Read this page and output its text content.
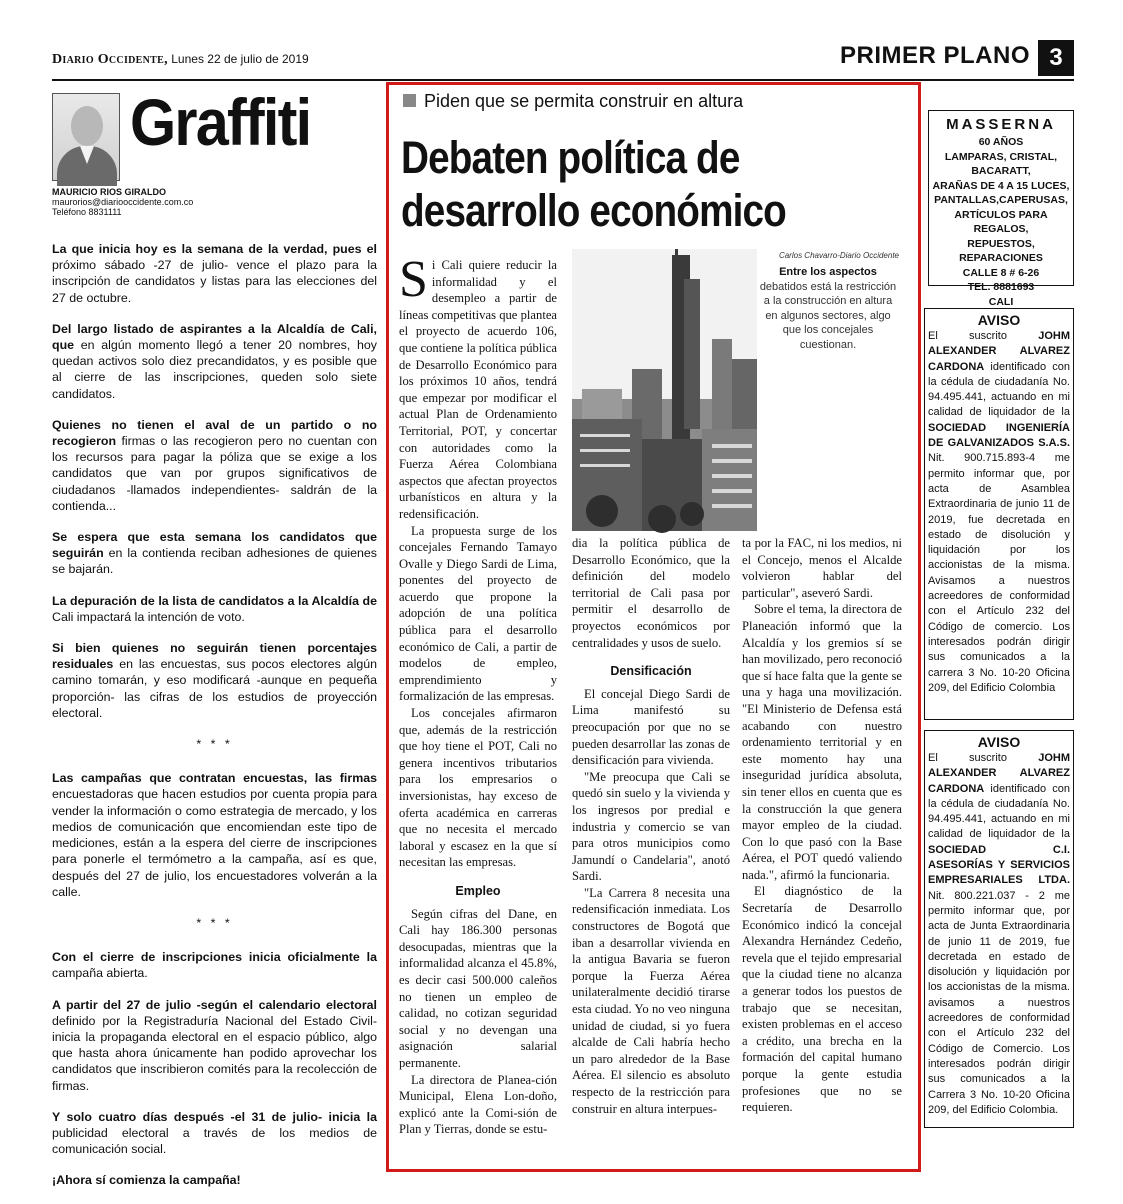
Diario Occidente, Lunes 22 de julio de 2019	PRIMER PLANO 3
Graffiti
MAURICIO RIOS GIRALDO
maurorios@diariooccidente.com.co
Teléfono 8831111

La que inicia hoy es la semana de la verdad, pues el próximo sábado -27 de julio- vence el plazo para la inscripción de candidatos y listas para las elecciones del 27 de octubre.

Del largo listado de aspirantes a la Alcaldía de Cali, que en algún momento llegó a tener 20 nombres, hoy quedan activos solo diez precandidatos, y es posible que al cierre de las inscripciones, queden solo siete candidatos.

Quienes no tienen el aval de un partido o no recogieron firmas o las recogieron pero no cuentan con los recursos para pagar la póliza que se exige a los candidatos que van por grupos significativos de ciudadanos -llamados independientes- saldrán de la contienda...

Se espera que esta semana los candidatos que seguirán en la contienda reciban adhesiones de quienes se bajarán.

La depuración de la lista de candidatos a la Alcaldía de Cali impactará la intención de voto.

Si bien quienes no seguirán tienen porcentajes residuales en las encuestas, sus pocos electores algún camino tomarán, y eso modificará -aunque en pequeña proporción- las cifras de los estudios de proyección electoral.

* * *

Las campañas que contratan encuestas, las firmas encuestadoras que hacen estudios por cuenta propia para vender la información o como estrategia de mercado, y los medios de comunicación que encomiendan este tipo de mediciones, están a la espera del cierre de inscripciones para ponerle el termómetro a la campaña, así es que, después del 27 de julio, los encuestadores volverán a la calle.

* * *

Con el cierre de inscripciones inicia oficialmente la campaña abierta.

A partir del 27 de julio -según el calendario electoral definido por la Registraduría Nacional del Estado Civil- inicia la propaganda electoral en el espacio público, algo que hasta ahora únicamente han podido aprovechar los candidatos que inscribieron comités para la recolección de firmas.

Y solo cuatro días después -el 31 de julio- inicia la publicidad electoral a través de los medios de comunicación social.

¡Ahora sí comienza la campaña!

Piden que se permita construir en altura
Debaten política de
desarrollo económico

Si Cali quiere reducir la informalidad y el desempleo a partir de líneas competitivas que plantea el proyecto de acuerdo 106, que contiene la política pública de Desarrollo Económico para los próximos 10 años, tendrá que empezar por modificar el actual Plan de Ordenamiento Territorial, POT, y concertar con autoridades como la Fuerza Aérea Colombiana aspectos que afectan proyectos urbanísticos en altura y la redensificación.

La propuesta surge de los concejales Fernando Tamayo Ovalle y Diego Sardi de Lima, ponentes del proyecto de acuerdo que propone la adopción de una política pública para el desarrollo económico de Cali, a partir de modelos de empleo, emprendimiento y formalización de las empresas.

Los concejales afirmaron que, además de la restricción que hoy tiene el POT, Cali no genera incentivos tributarios para los empresarios o inversionistas, hay exceso de oferta académica en carreras que no necesita el mercado laboral y escasez en la que sí necesitan las empresas.

Empleo

Según cifras del Dane, en Cali hay 186.300 personas desocupadas, mientras que la informalidad alcanza el 45.8%, es decir casi 500.000 caleños no tienen un empleo de calidad, no cotizan seguridad social y no devengan una asignación salarial permanente.

La directora de Planea-ción Municipal, Elena Lon-doño, explicó ante la Comi-sión de Plan y Tierras, donde se estu-

Carlos Chavarro-Diario Occidente
Entre los aspectos debatidos está la restricción a la construcción en altura en algunos sectores, algo que los concejales cuestionan.

dia la política pública de Desarrollo Económico, que la definición del modelo territorial de Cali pasa por permitir el desarrollo de proyectos económicos por centralidades y usos de suelo.

Densificación

El concejal Diego Sardi de Lima manifestó su preocupación por que no se pueden desarrollar las zonas de densificación para vivienda.

"Me preocupa que Cali se quedó sin suelo y la vivienda y los ingresos por predial e industria y comercio se van para otros municipios como Jamundí o Candelaria", anotó Sardi.

"La Carrera 8 necesita una redensificación inmediata. Los constructores de Bogotá que iban a desarrollar vivienda en la antigua Bavaria se fueron porque la Fuerza Aérea unilateralmente decidió tirarse esta ciudad. Yo no veo ninguna unidad de ciudad, si yo fuera alcalde de Cali habría hecho un paro alrededor de la Base Aérea. El silencio es absoluto respecto de la restricción para construir en altura interpues-

ta por la FAC, ni los medios, ni el Concejo, menos el Alcalde volvieron hablar del particular", aseveró Sardi.

Sobre el tema, la directora de Planeación informó que la Alcaldía y los gremios sí se han movilizado, pero reconoció que sí hace falta que la gente se una y haga una movilización. "El Ministerio de Defensa está acabando con nuestro ordenamiento territorial y en este momento hay una inseguridad jurídica absoluta, sin tener ellos en cuenta que es la construcción la que genera mayor empleo de la ciudad. Con lo que pasó con la Base Aérea, el POT quedó valiendo nada.", afirmó la funcionaria.

El diagnóstico de la Secretaría de Desarrollo Económico indicó la concejal Alexandra Hernández Cedeño, revela que el tejido empresarial que la ciudad tiene no alcanza a generar todos los puestos de trabajo que se necesitan, existen problemas en el acceso a crédito, una brecha en la formación del capital humano porque la gente estudia profesiones que no se requieren.

MASSERNA
60 AÑOS
LAMPARAS, CRISTAL,
BACARATT,
ARAÑAS DE 4 A 15 LUCES,
PANTALLAS,CAPERUSAS,
ARTÍCULOS PARA REGALOS,
REPUESTOS, REPARACIONES
CALLE 8 # 6-26
TEL. 8881693
CALI
AVISO
El suscrito JOHM ALEXANDER ALVAREZ CARDONA identificado con la cédula de ciudadanía No. 94.495.441, actuando en mi calidad de liquidador de la SOCIEDAD INGENIERÍA DE GALVANIZADOS S.A.S. Nit. 900.715.893-4 me permito informar que, por acta de Asamblea Extraordinaria de junio 11 de 2019, fue decretada en estado de disolución y liquidación por los accionistas de la misma. Avisamos a nuestros acreedores de conformidad con el Artículo 232 del Código de comercio. Los interesados podrán dirigir sus comunicados a la carrera 3 No. 10-20 Oficina 209, del Edificio Colombia
AVISO
El suscrito JOHM ALEXANDER ALVAREZ CARDONA identificado con la cédula de ciudadanía No. 94.495.441, actuando en mi calidad de liquidador de la SOCIEDAD C.I. ASESORÍAS Y SERVICIOS EMPRESARIALES LTDA. Nit. 800.221.037 - 2 me permito informar que, por acta de Junta Extraordinaria de junio 11 de 2019, fue decretada en estado de disolución y liquidación por los accionistas de la misma. avisamos a nuestros acreedores de conformidad con el Artículo 232 del Código de Comercio. Los interesados podrán dirigir sus comunicados a la Carrera 3 No. 10-20 Oficina 209, del Edificio Colombia.
